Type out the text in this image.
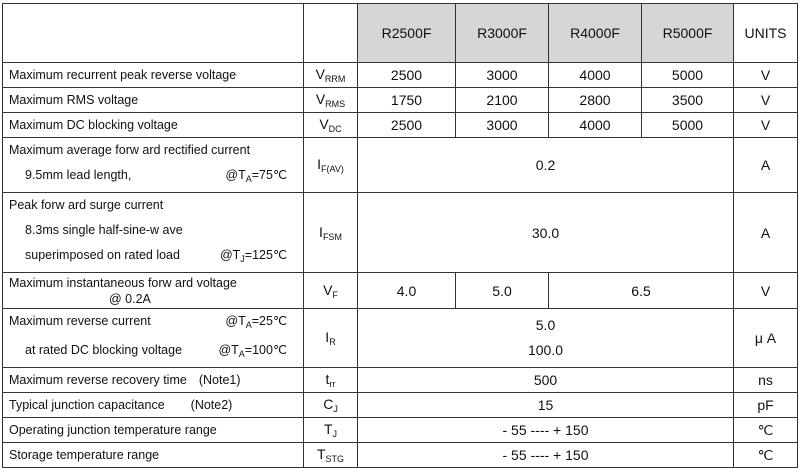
		R2500F	R3000F	R4000F	R5000F	UNITS
Maximum recurrent peak reverse voltage	$V_{RRM}$	2500	3000	4000	5000	V
Maximum RMS voltage	$V_{RMS}$	1750	2100	2800	3500	V
Maximum DC blocking voltage	$V_{DC}$	2500	3000	4000	5000	V

Maximum average forw ard rectified current
9.5mm lead length, $@T_A=75℃$	$I_{F(AV)}$	0.2				A

Peak forw ard surge current
8.3ms single half-sine-w ave
superimposed on rated load $@T_J=125℃$	$I_{FSM}$	30.0				A

Maximum instantaneous forw ard voltage
@ 0.2A	$V_F$	4.0	5.0	6.5		V

Maximum reverse current $@T_A=25℃$
at rated DC blocking voltage $@T_A=100℃$	$I_R$	5.0
100.0				μ A
Maximum reverse recovery time (Note1)	$t_{rr}$	500				ns
Typical junction capacitance (Note2)	$C_J$	15				pF
Operating junction temperature range	$T_J$	- 55 ---- + 150				℃
Storage temperature range	$T_{STG}$	- 55 ---- + 150				℃
